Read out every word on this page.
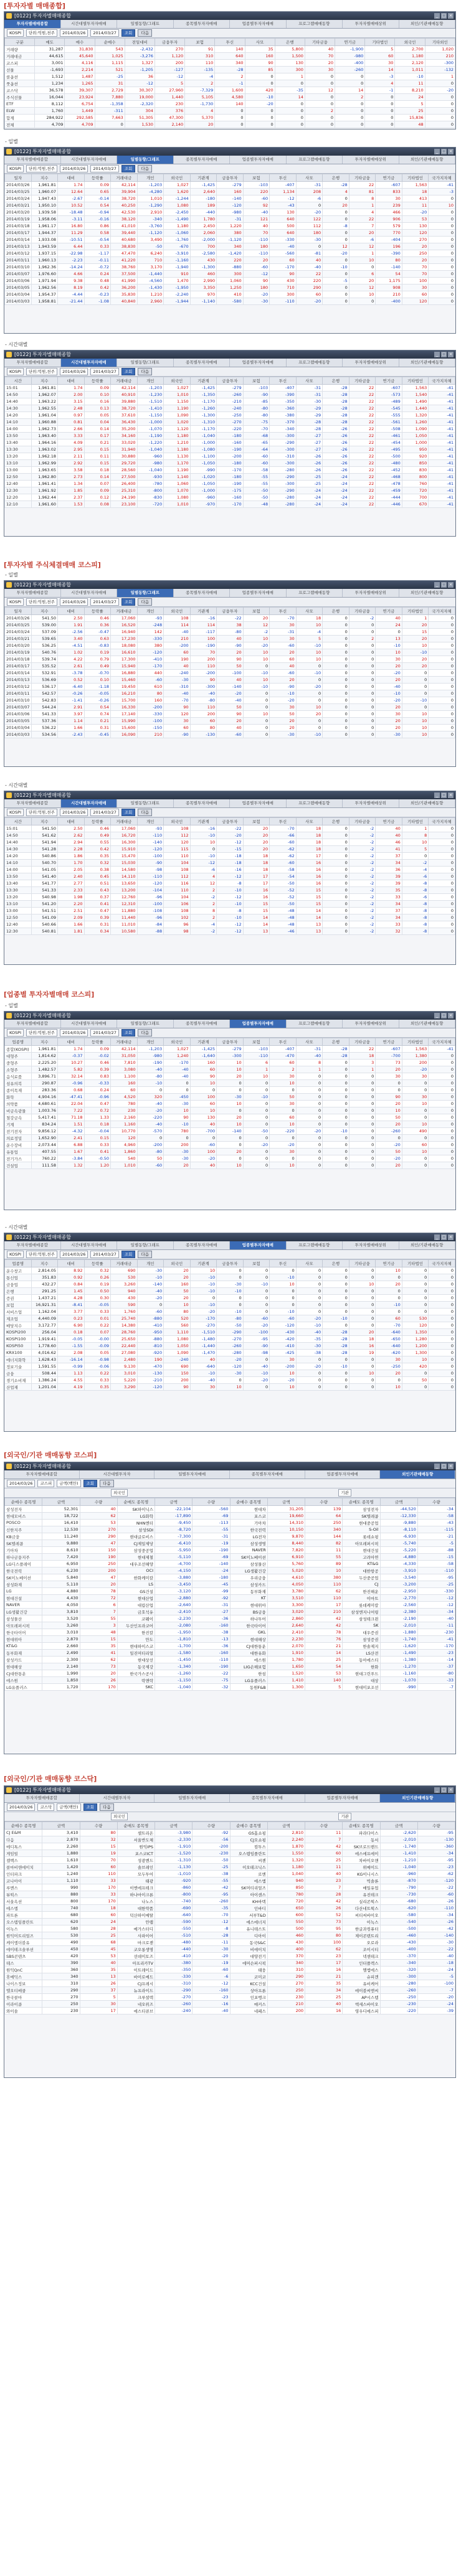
[투자자별 매매종합]
[0122] 투자자별매매종합	_ □ ×
투자자별매매종합	시간대별투자자매매	일별동향/그래프	종목별투자자매매	업종별투자자매매	프로그램매매동향	투자자별매매상위	외인/기관매매동향
KOSPI	단위:억원,천주	2014/03/26	2014/03/27	조회	다음
구분	매도	매수	순매수	전일대비	금융투자	보험	투신	사모	은행	기타금융	연기금	기타법인	외국인	기타외인
거래량	31,287	31,830	543	-2,432	270	91	140	35	5,800	40	-1,900	5	2,700	1,020
거래대금	44,615	45,640	1,025	-3,276	1,120	310	640	160	1,500	70	-980	60	1,180	210
코스피	3,001	4,116	1,115	1,327	200	110	340	90	130	20	-400	30	2,120	-300
선물	-1,693	2,214	521	-1,205	-127	-135	-28	85	300	30	-260	14	1,011	-132
콜옵션	1,512	1,487	-25	36	-12	-4	2	0	1	0	0	-3	-10	1
풋옵션	1,234	1,265	31	-12	5	2	-1	0	0	0	0	4	11	0
코스닥	36,578	39,307	2,729	30,307	27,960	-7,329	1,600	420	-35	12	14	-1	8,210	-20
주식선물	16,044	23,924	7,880	19,000	1,440	5,105	4,580	-10	14	0	2	0	24	0
ETF	8,112	6,754	-1,358	-2,320	230	-1,730	140	-20	0	0	0	0	5	0
ELW	1,760	1,449	-311	304	376	4	0	0	0	2	0	0	25	0
합계	284,922	292,585	7,663	51,305	47,300	5,370	0	0	0	0	0	0	15,836	0
전체	4,709	4,709	0	1,530	2,140	20	0	0	0	0	0	0	48	0
- 일별
[0122] 투자자별매매종합	_ □ ×
투자자별매매종합	시간대별투자자매매	일별동향/그래프	종목별투자자매매	업종별투자자매매	프로그램매매동향	투자자별매매상위	외인/기관매매동향
KOSPI	단위:억원,천주	2014/03/26	2014/03/27	조회	다음
일자	지수	대비	등락률	거래대금	개인	외국인	기관계	금융투자	보험	투신	사모	은행	기타금융	연기금	기타법인	국가지자체
2014/03/26	1,961.81	1.74	0.09	42,114	-1,203	1,027	-1,425	-279	-103	-407	-31	-28	22	-607	1,563	-41
2014/03/25	1,960.07	12.64	0.65	39,904	-4,280	1,620	2,640	160	220	1,134	208	4	81	833	18	-3
2014/03/24	1,947.43	-2.67	-0.14	38,720	1,010	-1,244	-180	-140	-60	-12	-6	0	8	30	413	0
2014/03/21	1,950.10	10.52	0.54	40,250	-1,290	1,080	189	-120	92	-43	0	20	1	239	11	10
2014/03/20	1,939.58	-18.48	-0.94	42,530	2,910	-2,450	-440	-980	-40	130	-20	0	4	466	-20	0
2014/03/19	1,958.06	-3.11	-0.16	38,120	-340	-1,490	1,780	-31	121	640	122	0	22	906	53	0
2014/03/18	1,961.17	16.80	0.86	41,010	-3,760	1,180	2,450	1,220	40	500	112	-8	7	579	130	0
2014/03/17	1,944.37	11.29	0.58	39,440	-1,120	-1,060	2,060	380	70	640	180	0	20	770	120	0
2014/03/14	1,933.08	-10.51	-0.54	40,680	3,490	-1,760	-2,000	-1,120	-110	-330	-30	0	-6	-404	270	0
2014/03/13	1,943.59	6.44	0.33	38,830	-50	-670	700	340	180	-40	0	12	12	196	20	0
2014/03/12	1,937.15	-22.98	-1.17	47,470	6,240	-3,910	-2,580	-1,420	-110	-560	-81	-20	1	-390	250	0
2014/03/11	1,960.13	-2.23	-0.11	41,220	710	-1,160	430	220	20	60	40	0	10	80	20	0
2014/03/10	1,962.36	-14.24	-0.72	38,760	3,170	-1,940	-1,300	-880	-60	-170	-40	-10	0	-140	70	0
2014/03/07	1,976.60	4.66	0.24	37,500	-1,440	910	460	300	-12	90	22	0	6	54	70	0
2014/03/06	1,971.94	9.38	0.48	41,990	-4,560	1,470	2,990	1,060	90	430	220	-5	20	1,175	100	0
2014/03/05	1,962.56	8.19	0.42	36,200	-1,430	-1,950	3,350	1,250	180	710	290	0	12	908	30	0
2014/03/04	1,954.37	-4.44	-0.23	35,830	1,210	-2,240	970	410	-20	300	60	0	10	210	60	0
2014/03/03	1,958.81	-21.44	-1.08	40,840	2,960	-1,944	-1,140	-580	-30	-110	-20	0	0	-400	120	0
- 시간대별
[0122] 투자자별매매종합	_ □ ×
투자자별매매종합	시간대별투자자매매	일별동향/그래프	종목별투자자매매	업종별투자자매매	프로그램매매동향	투자자별매매상위	외인/기관매매동향
KOSPI	단위:억원,천주	2014/03/26	2014/03/27	조회	다음
시간	지수	대비	등락률	거래대금	개인	외국인	기관계	금융투자	보험	투신	사모	은행	기타금융	연기금	기타법인	국가지자체
15:01	1,961.81	1.74	0.09	42,114	-1,203	1,027	-1,425	-279	-103	-407	-31	-28	22	-607	1,563	-41
14:50	1,962.07	2.00	0.10	40,910	-1,230	1,010	-1,350	-260	-90	-390	-31	-28	22	-573	1,540	-41
14:40	1,963.22	3.15	0.16	39,880	-1,510	1,150	-1,170	-210	-85	-350	-30	-28	22	-489	1,490	-41
14:30	1,962.55	2.48	0.13	38,720	-1,410	1,190	-1,260	-240	-80	-360	-29	-28	22	-545	1,440	-41
14:20	1,961.04	0.97	0.05	37,610	-1,150	1,090	-1,300	-250	-80	-380	-29	-28	22	-555	1,320	-41
14:10	1,960.88	0.81	0.04	36,430	-1,000	1,020	-1,310	-270	-75	-370	-28	-28	22	-561	1,260	-41
14:00	1,962.73	2.66	0.14	35,200	-1,070	1,120	-1,170	-220	-70	-340	-28	-26	22	-508	1,090	-41
13:50	1,963.40	3.33	0.17	34,160	-1,190	1,180	-1,040	-180	-68	-300	-27	-26	22	-461	1,050	-41
13:40	1,964.16	4.09	0.21	33,020	-1,220	1,210	-1,000	-160	-65	-290	-27	-26	22	-454	1,000	-41
13:30	1,963.02	2.95	0.15	31,940	-1,040	1,180	-1,080	-190	-64	-300	-27	-26	22	-495	950	-41
13:20	1,962.18	2.11	0.11	30,880	-960	1,130	-1,100	-200	-60	-310	-26	-26	22	-500	920	-41
13:10	1,962.99	2.92	0.15	29,720	-980	1,170	-1,050	-180	-60	-300	-26	-26	22	-480	850	-41
13:00	1,963.65	3.58	0.18	28,560	-1,040	1,190	-990	-170	-58	-280	-26	-26	22	-452	830	-41
12:50	1,962.80	2.73	0.14	27,500	-930	1,140	-1,020	-180	-55	-290	-25	-24	22	-468	800	-41
12:40	1,961.41	1.34	0.07	26,400	-780	1,060	-1,050	-190	-55	-300	-25	-24	22	-478	760	-41
12:30	1,961.92	1.85	0.09	25,310	-800	1,070	-1,000	-175	-50	-290	-24	-24	22	-459	720	-41
12:20	1,962.44	2.37	0.12	24,190	-830	1,080	-960	-160	-50	-280	-24	-24	22	-444	700	-41
12:10	1,961.60	1.53	0.08	23,100	-720	1,010	-970	-170	-48	-280	-24	-24	22	-446	670	-41
[투자자별 주식체결매매 코스피]
- 일별
[0122] 투자자별매매종합	_ □ ×
투자자별매매종합	시간대별투자자매매	일별동향/그래프	종목별투자자매매	업종별투자자매매	프로그램매매동향	투자자별매매상위	외인/기관매매동향
KOSPI	단위:억원,천주	2014/03/26	2014/03/27	조회	다음
일자	지수	대비	등락률	거래대금	개인	외국인	기관계	금융투자	보험	투신	사모	은행	기타금융	연기금	기타법인	국가지자체
2014/03/26	541.50	2.50	0.46	17,060	-93	108	-16	-22	20	-70	18	0	-2	40	1	0
2014/03/25	539.00	1.91	0.36	16,520	-248	114	114	38	12	30	10	0	0	24	20	0
2014/03/24	537.09	-2.56	-0.47	16,940	142	-40	-117	-80	-2	-31	-4	0	0	0	15	0
2014/03/21	539.65	3.40	0.63	17,230	-330	210	100	40	10	30	5	0	2	13	20	0
2014/03/20	536.25	-4.51	-0.83	18,080	380	-200	-190	-90	-20	-60	-10	0	0	-10	10	0
2014/03/19	540.76	1.02	0.19	16,610	-120	60	70	20	10	20	10	0	0	10	-10	0
2014/03/18	539.74	4.22	0.79	17,300	-410	190	200	90	10	60	10	0	0	30	20	0
2014/03/17	535.52	2.61	0.49	15,940	-170	40	110	50	0	40	0	0	0	20	20	0
2014/03/14	532.91	-3.78	-0.70	16,880	440	-240	-200	-100	-10	-60	-10	0	0	-20	0	0
2014/03/13	536.69	0.52	0.10	15,460	-60	-30	90	40	10	20	0	0	0	20	0	0
2014/03/12	536.17	-6.40	-1.18	19,450	610	-310	-300	-140	-10	-90	-20	0	0	-40	0	0
2014/03/11	542.57	-0.26	-0.05	16,210	80	-40	-40	-20	0	-10	0	0	0	-10	0	0
2014/03/10	542.83	-1.41	-0.26	15,700	160	-70	-80	-40	0	-20	0	0	0	-20	-10	0
2014/03/07	544.24	2.91	0.54	16,330	-200	90	110	50	0	30	10	0	0	20	0	0
2014/03/06	541.33	3.97	0.74	17,140	-330	120	200	90	10	50	20	0	0	30	10	0
2014/03/05	537.36	1.14	0.21	15,990	-100	30	60	20	0	20	0	0	0	20	10	0
2014/03/04	536.22	1.66	0.31	15,600	-150	60	80	40	0	20	0	0	0	20	10	0
2014/03/03	534.56	-2.43	-0.45	16,090	210	-90	-130	-60	0	-30	-10	0	0	-30	10	0
- 시간대별
[0122] 투자자별매매종합	_ □ ×
투자자별매매종합	시간대별투자자매매	일별동향/그래프	종목별투자자매매	업종별투자자매매	프로그램매매동향	투자자별매매상위	외인/기관매매동향
KOSPI	단위:억원,천주	2014/03/26	2014/03/27	조회	다음
시간	지수	대비	등락률	거래대금	개인	외국인	기관계	금융투자	보험	투신	사모	은행	기타금융	연기금	기타법인	국가지자체
15:01	541.50	2.50	0.46	17,060	-93	108	-16	-22	20	-70	18	0	-2	40	1	0
14:50	541.62	2.62	0.49	16,720	-110	112	-10	-20	20	-66	18	0	-2	40	8	0
14:40	541.94	2.94	0.55	16,300	-140	120	10	-12	20	-60	18	0	-2	46	10	0
14:30	541.28	2.28	0.42	15,910	-120	115	0	-15	20	-62	18	0	-2	41	5	0
14:20	540.86	1.86	0.35	15,470	-100	110	-10	-18	18	-62	17	0	-2	37	0	0
14:10	540.70	1.70	0.32	15,030	-90	104	-12	-18	18	-60	16	0	-2	34	-2	0
14:00	541.05	2.05	0.38	14,580	-98	108	-6	-16	18	-58	16	0	-2	36	-4	0
13:50	541.40	2.40	0.45	14,110	-110	112	4	-12	17	-54	16	0	-2	39	-6	0
13:40	541.77	2.77	0.51	13,650	-120	116	12	-8	17	-50	16	0	-2	39	-8	0
13:30	541.33	2.33	0.43	13,200	-104	110	2	-10	16	-52	15	0	-2	35	-8	0
13:20	540.98	1.98	0.37	12,760	-96	104	-2	-12	16	-52	15	0	-2	33	-6	0
13:10	541.20	2.20	0.41	12,310	-100	106	2	-10	15	-50	15	0	-2	34	-8	0
13:00	541.51	2.51	0.47	11,880	-108	108	8	-8	15	-48	14	0	-2	37	-8	0
12:50	541.09	2.09	0.39	11,440	-96	102	2	-10	14	-48	14	0	-2	34	-8	0
12:40	540.66	1.66	0.31	11,010	-84	96	-4	-12	14	-48	13	0	-2	33	-8	0
12:30	540.81	1.81	0.34	10,580	-88	98	-2	-12	13	-46	13	0	-2	32	-8	0
[업종별 투자자별매매 코스피]
- 일별
[0122] 투자자별매매종합	_ □ ×
투자자별매매종합	시간대별투자자매매	일별동향/그래프	종목별투자자매매	업종별투자자매매	프로그램매매동향	투자자별매매상위	외인/기관매매동향
KOSPI	단위:억원,천주	2014/03/26	2014/03/27	조회	다음
업종명	지수	대비	등락률	거래대금	개인	외국인	기관계	금융투자	보험	투신	사모	은행	기타금융	연기금	기타법인	국가지자체
종합(KOSPI)	1,961.81	1.74	0.09	42,114	-1,203	1,027	-1,425	-279	-103	-407	-31	-28	22	-607	1,563	-41
대형주	1,814.62	-0.37	-0.02	31,050	-980	1,240	-1,640	-300	-110	-470	-40	-28	18	-700	1,380	0
중형주	2,225.20	10.27	0.46	7,810	-190	-170	160	10	6	60	8	0	3	73	200	0
소형주	1,482.57	5.82	0.39	3,080	-40	-40	60	10	1	2	1	0	1	20	-20	0
음식료품	3,896.71	32.14	0.83	1,100	-80	-40	90	20	10	30	0	0	0	30	30	0
섬유의복	290.87	-0.96	-0.33	160	-10	0	10	0	0	10	0	0	0	0	0	0
종이목재	283.36	0.68	0.24	60	0	0	0	0	0	0	0	0	0	0	0	0
화학	4,904.16	-47.41	-0.96	4,520	320	-450	100	-30	-10	50	0	0	0	90	30	0
의약품	4,680.61	22.04	0.47	780	-40	-30	60	10	0	30	0	0	0	20	10	0
비금속광물	1,003.76	7.22	0.72	230	-20	10	10	0	0	0	0	0	0	10	0	0
철강금속	5,417.41	71.18	1.33	2,160	-220	90	130	20	0	60	0	0	0	50	0	0
기계	834.24	1.51	0.18	1,160	-40	-10	40	10	0	10	0	0	0	20	10	0
전기전자	9,856.12	-4.32	-0.04	10,770	-570	780	-700	-140	-50	-220	-20	-10	0	-260	490	0
의료정밀	1,652.90	2.41	0.15	120	0	0	0	0	0	0	0	0	0	0	0	0
운수장비	2,073.44	6.88	0.33	4,960	-200	200	-60	0	-20	-20	0	0	0	-20	60	0
유통업	407.55	1.67	0.41	1,860	-80	-30	100	20	0	30	0	0	0	50	10	0
전기가스	760.22	-3.84	-0.50	540	50	-30	-20	0	0	0	0	0	0	-20	0	0
건설업	111.58	1.32	1.20	1,010	-60	20	40	10	0	10	0	0	0	20	0	0
- 시간대별
[0122] 투자자별매매종합	_ □ ×
투자자별매매종합	시간대별투자자매매	일별동향/그래프	종목별투자자매매	업종별투자자매매	프로그램매매동향	투자자별매매상위	외인/기관매매동향
KOSPI	단위:억원,천주	2014/03/26	2014/03/27	조회	다음
업종명	지수	대비	등락률	거래대금	개인	외국인	기관계	금융투자	보험	투신	사모	은행	기타금융	연기금	기타법인	국가지자체
운수창고	2,814.05	8.92	0.32	690	-30	20	10	0	0	0	0	0	0	10	0	0
통신업	351.83	0.92	0.26	530	-10	20	-10	0	0	-10	0	0	0	0	0	0
금융업	432.27	0.84	0.19	3,260	-140	160	-10	-30	-10	10	0	0	10	20	0	0
은행	291.25	1.45	0.50	940	-40	50	-10	-10	0	0	0	0	0	0	0	0
증권	1,437.21	4.28	0.30	430	-20	20	0	0	0	0	0	0	0	0	0	0
보험	16,921.31	-8.41	-0.05	590	0	10	-10	0	0	0	0	0	0	-10	0	0
서비스업	1,162.04	3.77	0.33	1,760	-60	80	-20	-10	0	-10	0	0	0	0	0	0
제조업	4,440.09	0.23	0.01	25,740	-880	520	-170	-80	-60	-60	-20	-10	0	60	530	0
배당지수	3,172.77	6.90	0.22	14,380	-410	560	-270	-50	-20	-120	-10	0	0	-70	120	0
KOSPI200	256.04	0.18	0.07	28,760	-950	1,110	-1,510	-290	-100	-430	-40	-28	20	-640	1,350	0
KOSPI100	1,919.41	-0.05	-0.00	25,650	-880	1,080	-1,480	-270	-95	-420	-35	-28	18	-650	1,280	0
KOSPI50	1,778.60	-1.55	-0.09	22,440	-810	1,050	-1,440	-260	-90	-410	-30	-28	16	-640	1,200	0
KRX100	4,016.62	2.08	0.05	27,080	-920	1,090	-1,470	-280	-98	-425	-38	-28	19	-620	1,300	0
에너지화학	1,628.43	-16.14	-0.98	2,480	190	-240	40	-20	0	30	0	0	0	30	10	0
정보기술	1,591.55	-0.99	-0.06	9,130	-470	690	-640	-120	-40	-200	-20	-10	0	-250	420	0
금융	508.44	1.13	0.22	3,010	-130	150	-10	-30	-10	10	0	0	10	20	0	0
경기소비재	1,386.24	4.55	0.33	5,220	-210	200	-40	0	-20	-20	0	0	0	0	50	0
산업재	1,201.04	4.19	0.35	3,290	-120	90	30	10	0	10	0	0	0	10	0	0
[외국인/기관 매매동향 코스피]
[0122] 투자자별매매종합	_ □ ×
투자자별매매종합	시간대별투자자	일별투자자매매	종목별투자자매매	업종별투자자매매	외인기관매매동향
2014/03/26	코스피	금액(백만)	조회	다음
외국인	기관
순매수 종목명	금액	수량	순매도 종목명	금액	수량	순매수 종목명	금액	수량	순매도 종목명	금액	수량
삼성전자	52,301	40	SK하이닉스	-22,104	-560	현대차	31,205	139	삼성전자	-44,520	-34
현대모비스	18,722	62	LG화학	-17,890	-69	포스코	19,660	64	SK텔레콤	-12,330	-58
POSCO	16,410	53	NHN엔터	-9,450	-113	기아차	14,310	250	현대중공업	-9,880	-43
신한지주	12,530	270	삼성SDI	-8,720	-55	한국전력	10,150	340	S-Oil	-8,110	-115
KB금융	11,240	290	현대글로비스	-7,300	-31	LG전자	9,870	144	롯데쇼핑	-6,930	-21
SK텔레콤	9,880	47	CJ제일제당	-6,410	-19	삼성생명	8,440	82	아모레퍼시픽	-5,740	-5
기아차	8,610	150	삼성중공업	-5,950	-190	NAVER	7,820	11	현대건설	-5,220	-88
하나금융지주	7,420	190	현대제철	-5,110	-69	SK이노베이션	6,910	55	고려아연	-4,880	-15
LG디스플레이	6,950	250	대우조선해양	-4,700	-140	삼성물산	5,760	89	KT&G	-4,330	-58
한국전력	6,230	200	OCI	-4,150	-24	LG생활건강	5,020	10	대한항공	-3,910	-110
SK이노베이션	5,840	47	한화케미칼	-3,880	-180	우리금융	4,610	380	두산중공업	-3,540	-95
삼성화재	5,110	20	LS	-3,450	-45	삼성카드	4,050	110	CJ	-3,200	-25
LG	4,880	78	GS건설	-3,120	-99	동부화재	3,780	62	한진해운	-2,950	-330
현대건설	4,430	72	현대산업	-2,880	-92	KT	3,510	110	이마트	-2,770	-12
NAVER	4,050	6	대림산업	-2,640	-31	현대위아	3,300	17	롯데케미칼	-2,560	-12
LG생활건강	3,810	7	금호석유	-2,410	-27	BS금융	3,020	210	삼성엔지니어링	-2,380	-34
삼성물산	3,520	55	코웨이	-2,230	-36	하나투어	2,860	42	삼성테크윈	-2,190	-40
아모레퍼시픽	3,260	3	두산인프라코어	-2,080	-160	한국타이어	2,640	42	SK	-2,010	-11
한국타이어	3,010	48	한진칼	-1,950	-38	GKL	2,410	78	대우증권	-1,880	-230
현대위아	2,870	15	만도	-1,810	-13	현대해상	2,230	76	삼성증권	-1,740	-41
KT&G	2,660	35	현대하이스코	-1,700	-36	CJ대한통운	2,070	21	한솔제지	-1,620	-170
동부화재	2,490	41	일진머티리얼	-1,580	-160	대한유화	1,910	14	LS산전	-1,490	-23
삼성카드	2,300	62	현대상선	-1,450	-110	에스원	1,780	25	동아에스티	-1,380	-14
현대해상	2,140	73	동국제강	-1,340	-190	LIG손해보험	1,650	54	한화	-1,270	-37
CJ대한통운	1,990	20	한국가스공사	-1,260	-22	한섬	1,520	53	현대그린푸드	-1,160	-80
에스원	1,850	26	락앤락	-1,150	-75	LG유플러스	1,410	140	대상	-1,070	-33
LG유플러스	1,720	170	SKC	-1,040	-32	동원F&B	1,300	5	현대미포조선	-990	-7
[외국인/기관 매매동향 코스닥]
[0122] 투자자별매매종합	_ □ ×
투자자별매매종합	시간대별투자자	일별투자자매매	종목별투자자매매	업종별투자자매매	외인기관매매동향
2014/03/26	코스닥	금액(백만)	조회	다음
외국인	기관
순매수 종목명	금액	수량	순매도 종목명	금액	수량	순매수 종목명	금액	수량	순매도 종목명	금액	수량
CJ E&M	3,410	80	셀트리온	-3,980	-92	GS홈쇼핑	2,810	11	파라다이스	-2,620	-95
다음	2,870	32	서울반도체	-2,330	-56	CJ오쇼핑	2,240	7	동서	-2,010	-130
메디톡스	2,260	15	원익IPS	-1,910	-200	컴투스	1,870	42	SK브로드밴드	-1,740	-360
게임빌	1,880	19	포스코ICT	-1,520	-230	오스템임플란트	1,550	60	에스에프에이	-1,410	-34
젬백스	1,610	70	성광벤드	-1,310	-50	씨젠	1,320	25	차바이오앤	-1,210	-95
콜마비앤에이치	1,420	60	솔브레인	-1,130	-25	이오테크닉스	1,180	11	위메이드	-1,040	-23
인터파크	1,240	110	모두투어	-1,010	-38	로엔	1,040	40	KG이니시스	-960	-62
코나아이	1,110	33	태광	-920	-55	에스엠	940	23	빅솔론	-870	-120
루멘스	990	170	이엔에프테크	-860	-42	SK머티리얼즈	850	7	매일유업	-790	-22
뷰웍스	880	33	하나마이크론	-800	-95	아이센스	780	28	유진테크	-730	-60
서울옥션	800	170	나노스	-740	-260	KH바텍	720	42	실리콘웍스	-680	-26
에스엠	740	18	대한약품	-690	-35	인바디	650	26	다산네트웍스	-620	-110
파트론	680	60	덕산하이메탈	-640	-70	서부T&D	600	52	씨티씨바이오	-580	-34
오스템임플란트	620	24	안랩	-590	-12	에스에너지	550	73	이녹스	-540	-26
이녹스	580	28	메가스터디	-550	-8	유니테스트	500	95	한글과컴퓨터	-500	-42
원익머트리얼즈	530	25	사파이어	-510	-28	디아이	460	80	제이콘텐트리	-460	-140
케이엠더블유	490	68	마크로젠	-480	-11	동국S&C	430	100	오로라	-430	-30
에이테크솔루션	450	45	코오롱생명	-440	-30	비에이치	400	62	조이시티	-400	-22
SBS콘텐츠	420	53	선데이토즈	-410	-20	대양전기	370	23	넥센테크	-370	-40
테스	390	40	아프리카TV	-380	-19	에머슨퍼시픽	340	17	인터플렉스	-340	-18
원익QnC	360	35	이트레이드	-350	-60	태웅	310	16	엘엠에스	-320	-24
휴메딕스	340	13	바이로메드	-330	-6	코미코	290	21	슈피겐	-300	-5
나이스정보	310	26	CJ프레시	-310	-12	KCC건설	270	35	유비케어	-280	-100
엘오티베큠	290	37	뉴프라이드	-290	-160	상아프론	250	34	에이블씨엔씨	-260	-7
한국콜마	270	5	크루셜텍	-270	-23	인포뱅크	230	25	AP시스템	-250	-20
이라이콤	250	30	네오위즈	-260	-16	매커스	210	40	엑세스바이오	-230	-24
와이솔	230	17	에스티큐브	-240	-40	네패스	200	16	영우디에스피	-220	-39
